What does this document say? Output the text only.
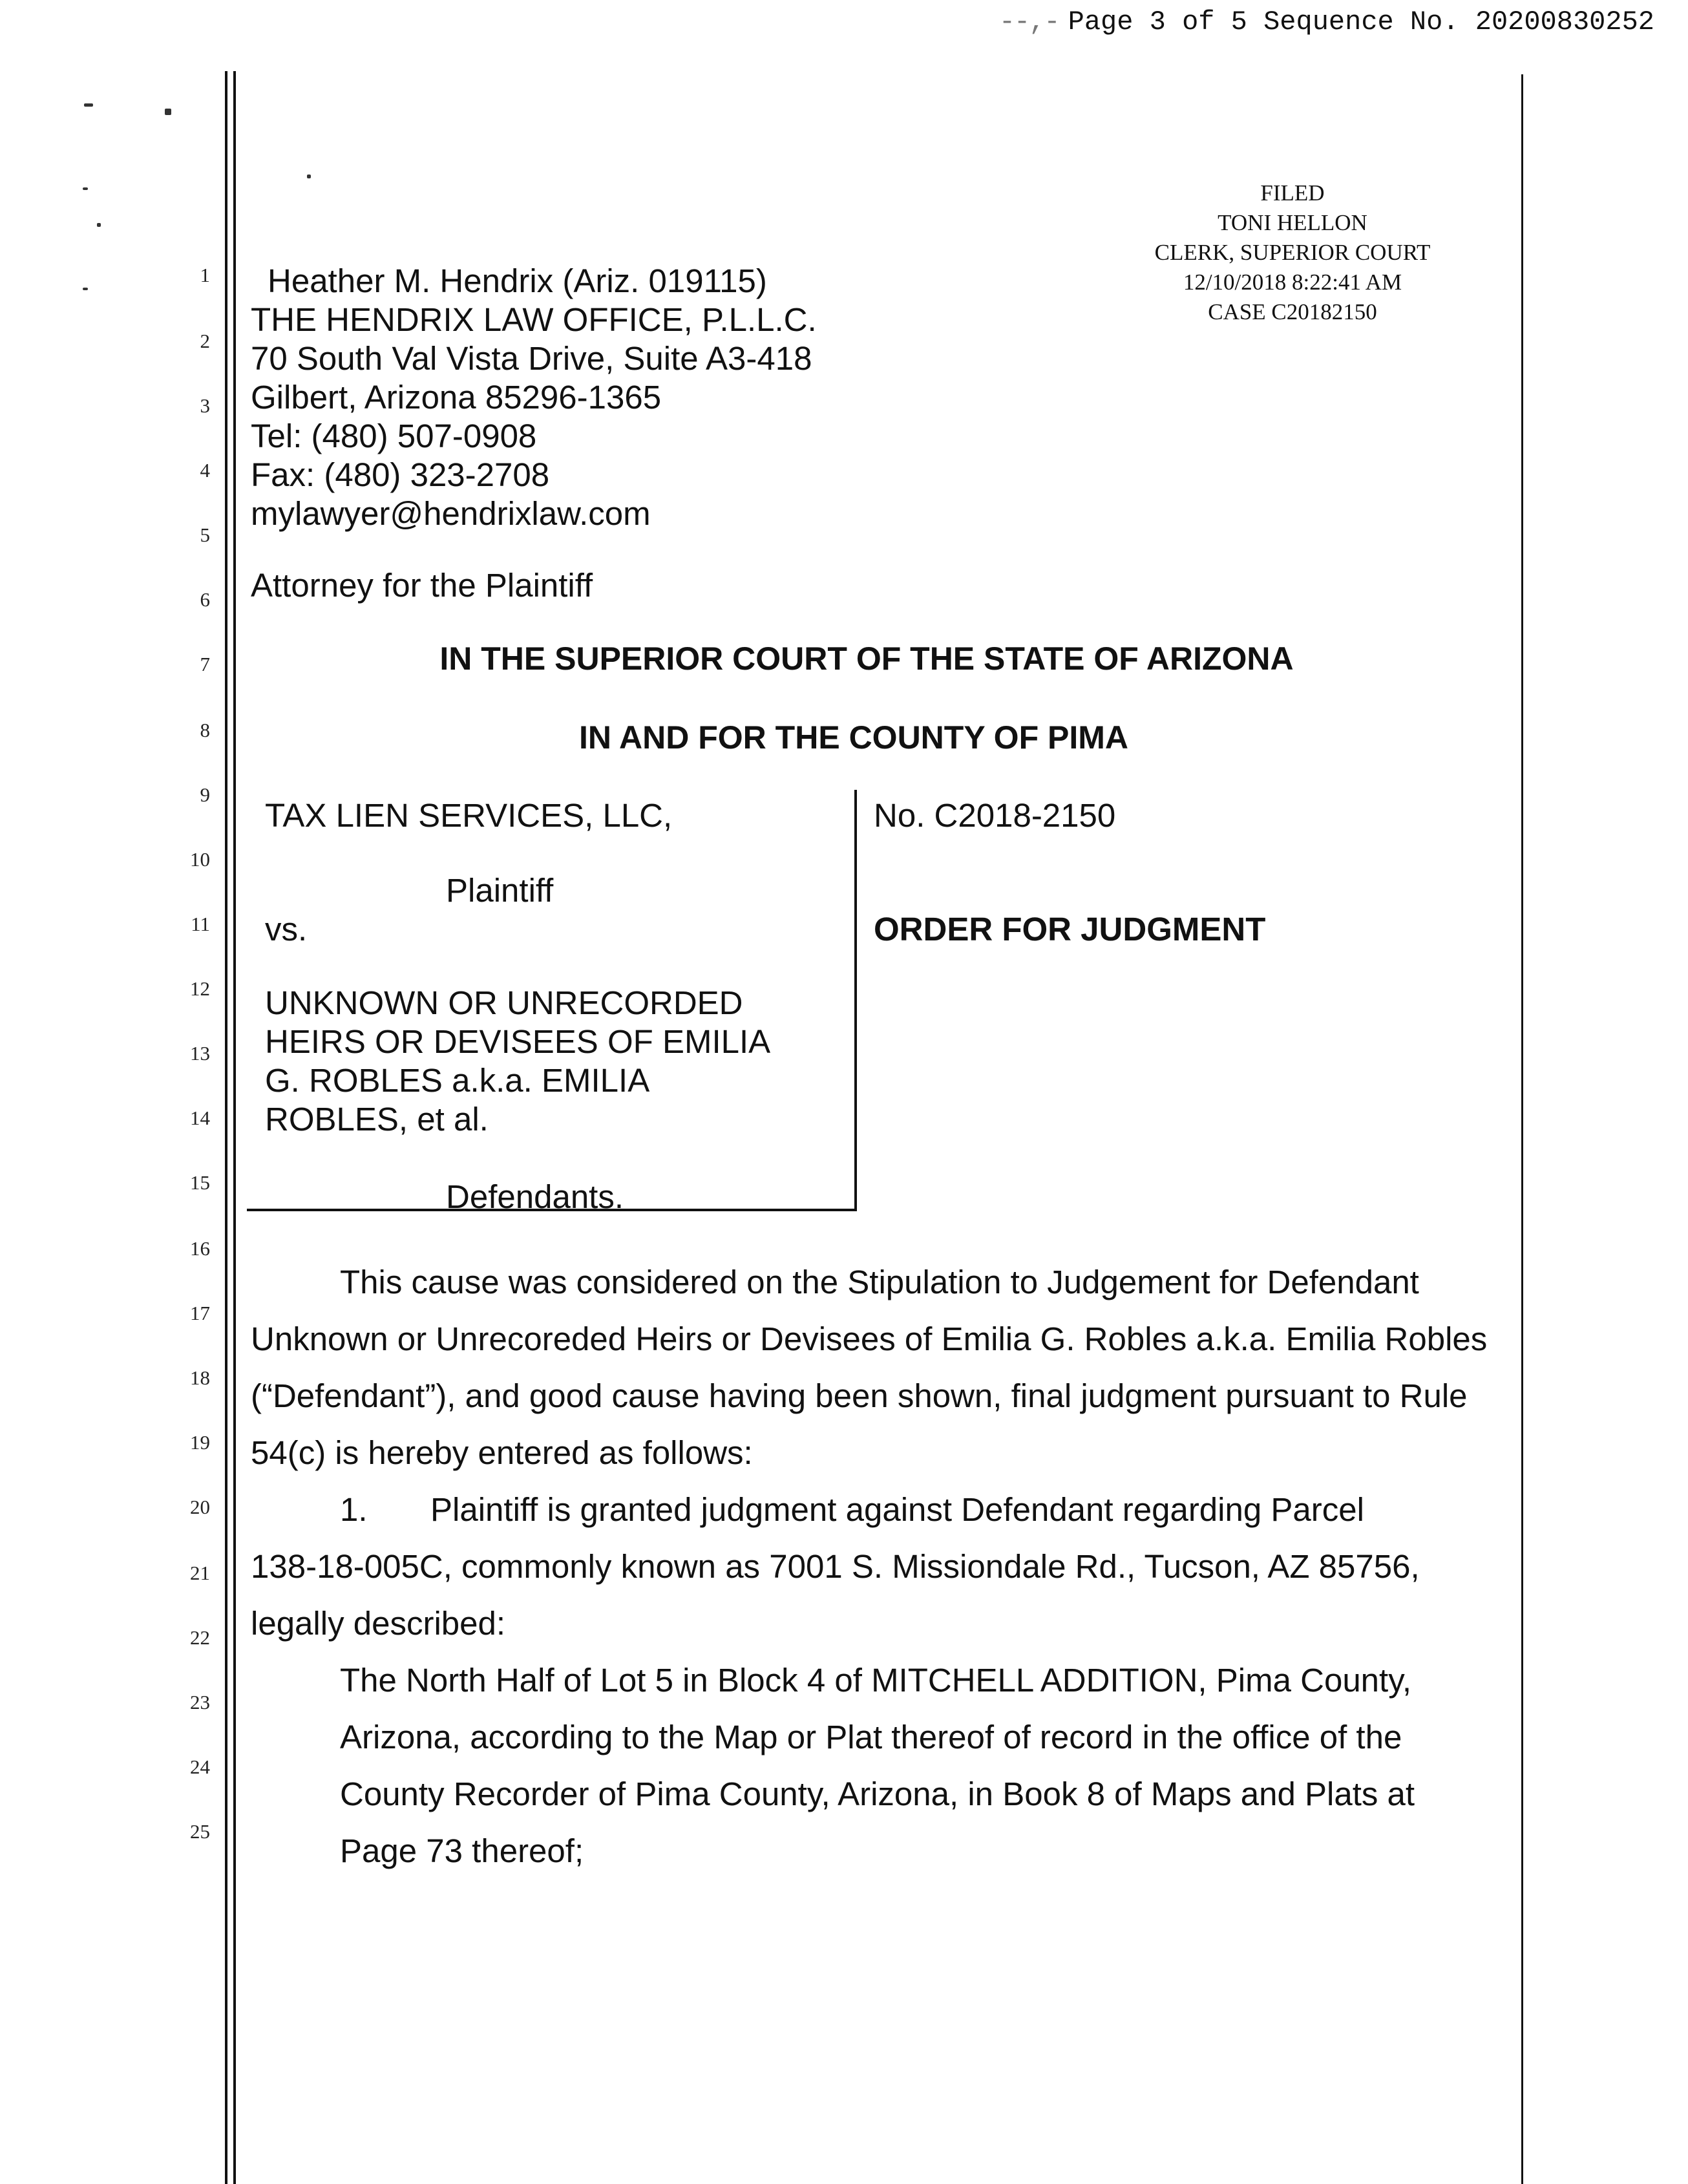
--,- Page 3 of 5 Sequence No. 20200830252
1
2
3
4
5
6
7
8
9
10
11
12
13
14
15
16
17
18
19
20
21
22
23
24
25
FILED
TONI HELLON
CLERK, SUPERIOR COURT
12/10/2018 8:22:41 AM
CASE C20182150
Heather M. Hendrix (Ariz. 019115)
THE HENDRIX LAW OFFICE, P.L.L.C.
70 South Val Vista Drive, Suite A3-418
Gilbert, Arizona 85296-1365
Tel: (480) 507-0908
Fax: (480) 323-2708
mylawyer@hendrixlaw.com
Attorney for the Plaintiff
IN THE SUPERIOR COURT OF THE STATE OF ARIZONA
IN AND FOR THE COUNTY OF PIMA
TAX LIEN SERVICES, LLC,
Plaintiff
vs.
UNKNOWN OR UNRECORDED
HEIRS OR DEVISEES OF EMILIA
G. ROBLES a.k.a. EMILIA
ROBLES, et al.
Defendants.
No. C2018-2150
ORDER FOR JUDGMENT
This cause was considered on the Stipulation to Judgement for Defendant
Unknown or Unrecoreded Heirs or Devisees of Emilia G. Robles a.k.a. Emilia Robles
(“Defendant”), and good cause having been shown, final judgment pursuant to Rule
54(c) is hereby entered as follows:
1. Plaintiff is granted judgment against Defendant regarding Parcel
138-18-005C, commonly known as 7001 S. Missiondale Rd., Tucson, AZ 85756,
legally described:
The North Half of Lot 5 in Block 4 of MITCHELL ADDITION, Pima County,
Arizona, according to the Map or Plat thereof of record in the office of the
County Recorder of Pima County, Arizona, in Book 8 of Maps and Plats at
Page 73 thereof;
